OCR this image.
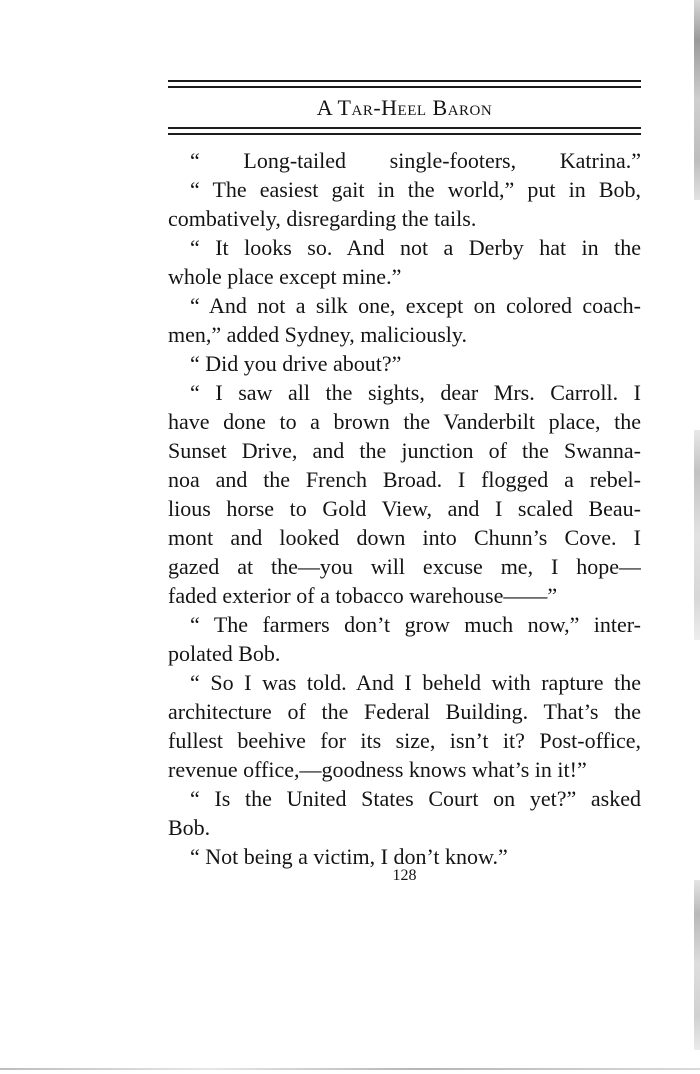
A Tar-Heel Baron
“ Long-tailed single-footers, Katrina.”
“ The easiest gait in the world,” put in Bob,
combatively, disregarding the tails.
“ It looks so. And not a Derby hat in the
whole place except mine.”
“ And not a silk one, except on colored coach-
men,” added Sydney, maliciously.
“ Did you drive about?”
“ I saw all the sights, dear Mrs. Carroll. I
have done to a brown the Vanderbilt place, the
Sunset Drive, and the junction of the Swanna-
noa and the French Broad. I flogged a rebel-
lious horse to Gold View, and I scaled Beau-
mont and looked down into Chunn’s Cove. I
gazed at the—you will excuse me, I hope—
faded exterior of a tobacco warehouse——”
“ The farmers don’t grow much now,” inter-
polated Bob.
“ So I was told. And I beheld with rapture the
architecture of the Federal Building. That’s the
fullest beehive for its size, isn’t it? Post-office,
revenue office,—goodness knows what’s in it!”
“ Is the United States Court on yet?” asked
Bob.
“ Not being a victim, I don’t know.”
128
